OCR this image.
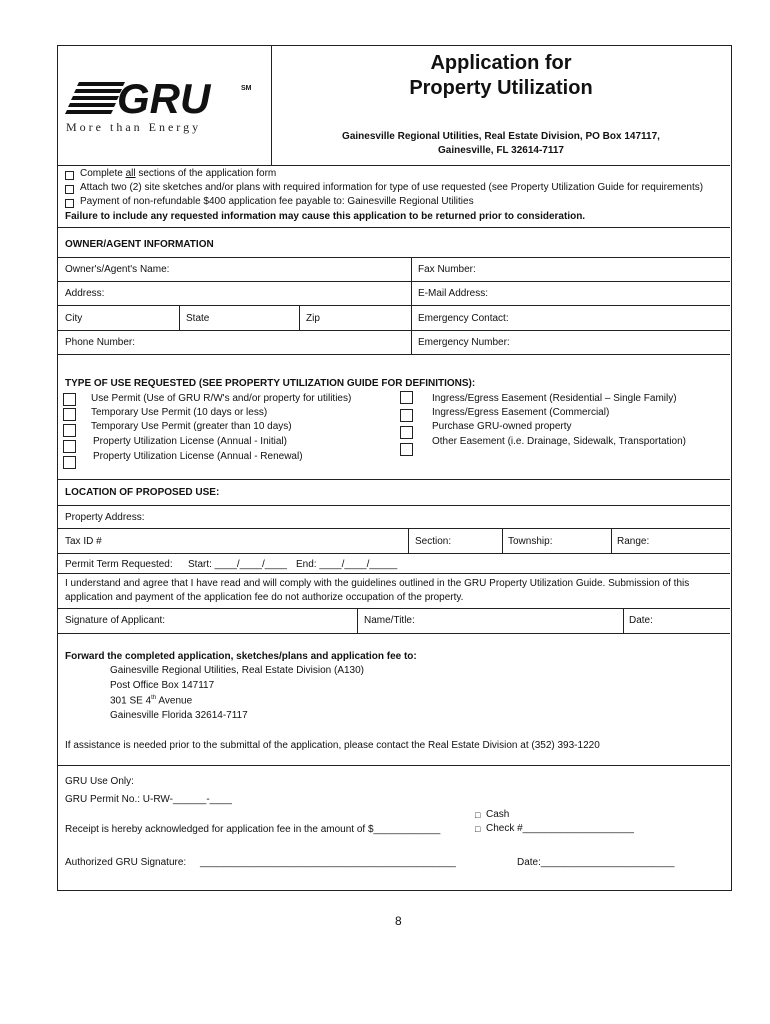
GRU	SM
More than Energy
Application for
Property Utilization
Gainesville Regional Utilities, Real Estate Division, PO Box 147117,
Gainesville, FL 32614-7117
Complete all sections of the application form
Attach two (2) site sketches and/or plans with required information for type of use requested (see Property Utilization Guide for requirements)
Payment of non-refundable $400 application fee payable to: Gainesville Regional Utilities
Failure to include any requested information may cause this application to be returned prior to consideration.
OWNER/AGENT INFORMATION
Owner's/Agent's Name:	Fax Number:
Address:	E-Mail Address:
City	State	Zip	Emergency Contact:
Phone Number:	Emergency Number:
TYPE OF USE REQUESTED (SEE PROPERTY UTILIZATION GUIDE FOR DEFINITIONS):
Use Permit (Use of GRU R/W's and/or property for utilities)
Temporary Use Permit (10 days or less)
Temporary Use Permit (greater than 10 days)
Property Utilization License (Annual - Initial)
Property Utilization License (Annual - Renewal)
Ingress/Egress Easement (Residential – Single Family)
Ingress/Egress Easement (Commercial)
Purchase GRU-owned property
Other Easement (i.e. Drainage, Sidewalk, Transportation)
LOCATION OF PROPOSED USE:
Property Address:
Tax ID #	Section:	Township:	Range:
Permit Term Requested: Start: ____/____/____ End: ____/____/_____
I understand and agree that I have read and will comply with the guidelines outlined in the GRU Property Utilization Guide. Submission of this
application and payment of the application fee do not authorize occupation of the property.
Signature of Applicant:	Name/Title:	Date:
Forward the completed application, sketches/plans and application fee to:
Gainesville Regional Utilities, Real Estate Division (A130)
Post Office Box 147117
301 SE 4th Avenue
Gainesville Florida 32614-7117
If assistance is needed prior to the submittal of the application, please contact the Real Estate Division at (352) 393-1220
GRU Use Only:
GRU Permit No.: U-RW-______-____
□ Cash
Receipt is hereby acknowledged for application fee in the amount of $____________	□ Check #____________________
Authorized GRU Signature: ______________________________________________	Date:________________________
8
